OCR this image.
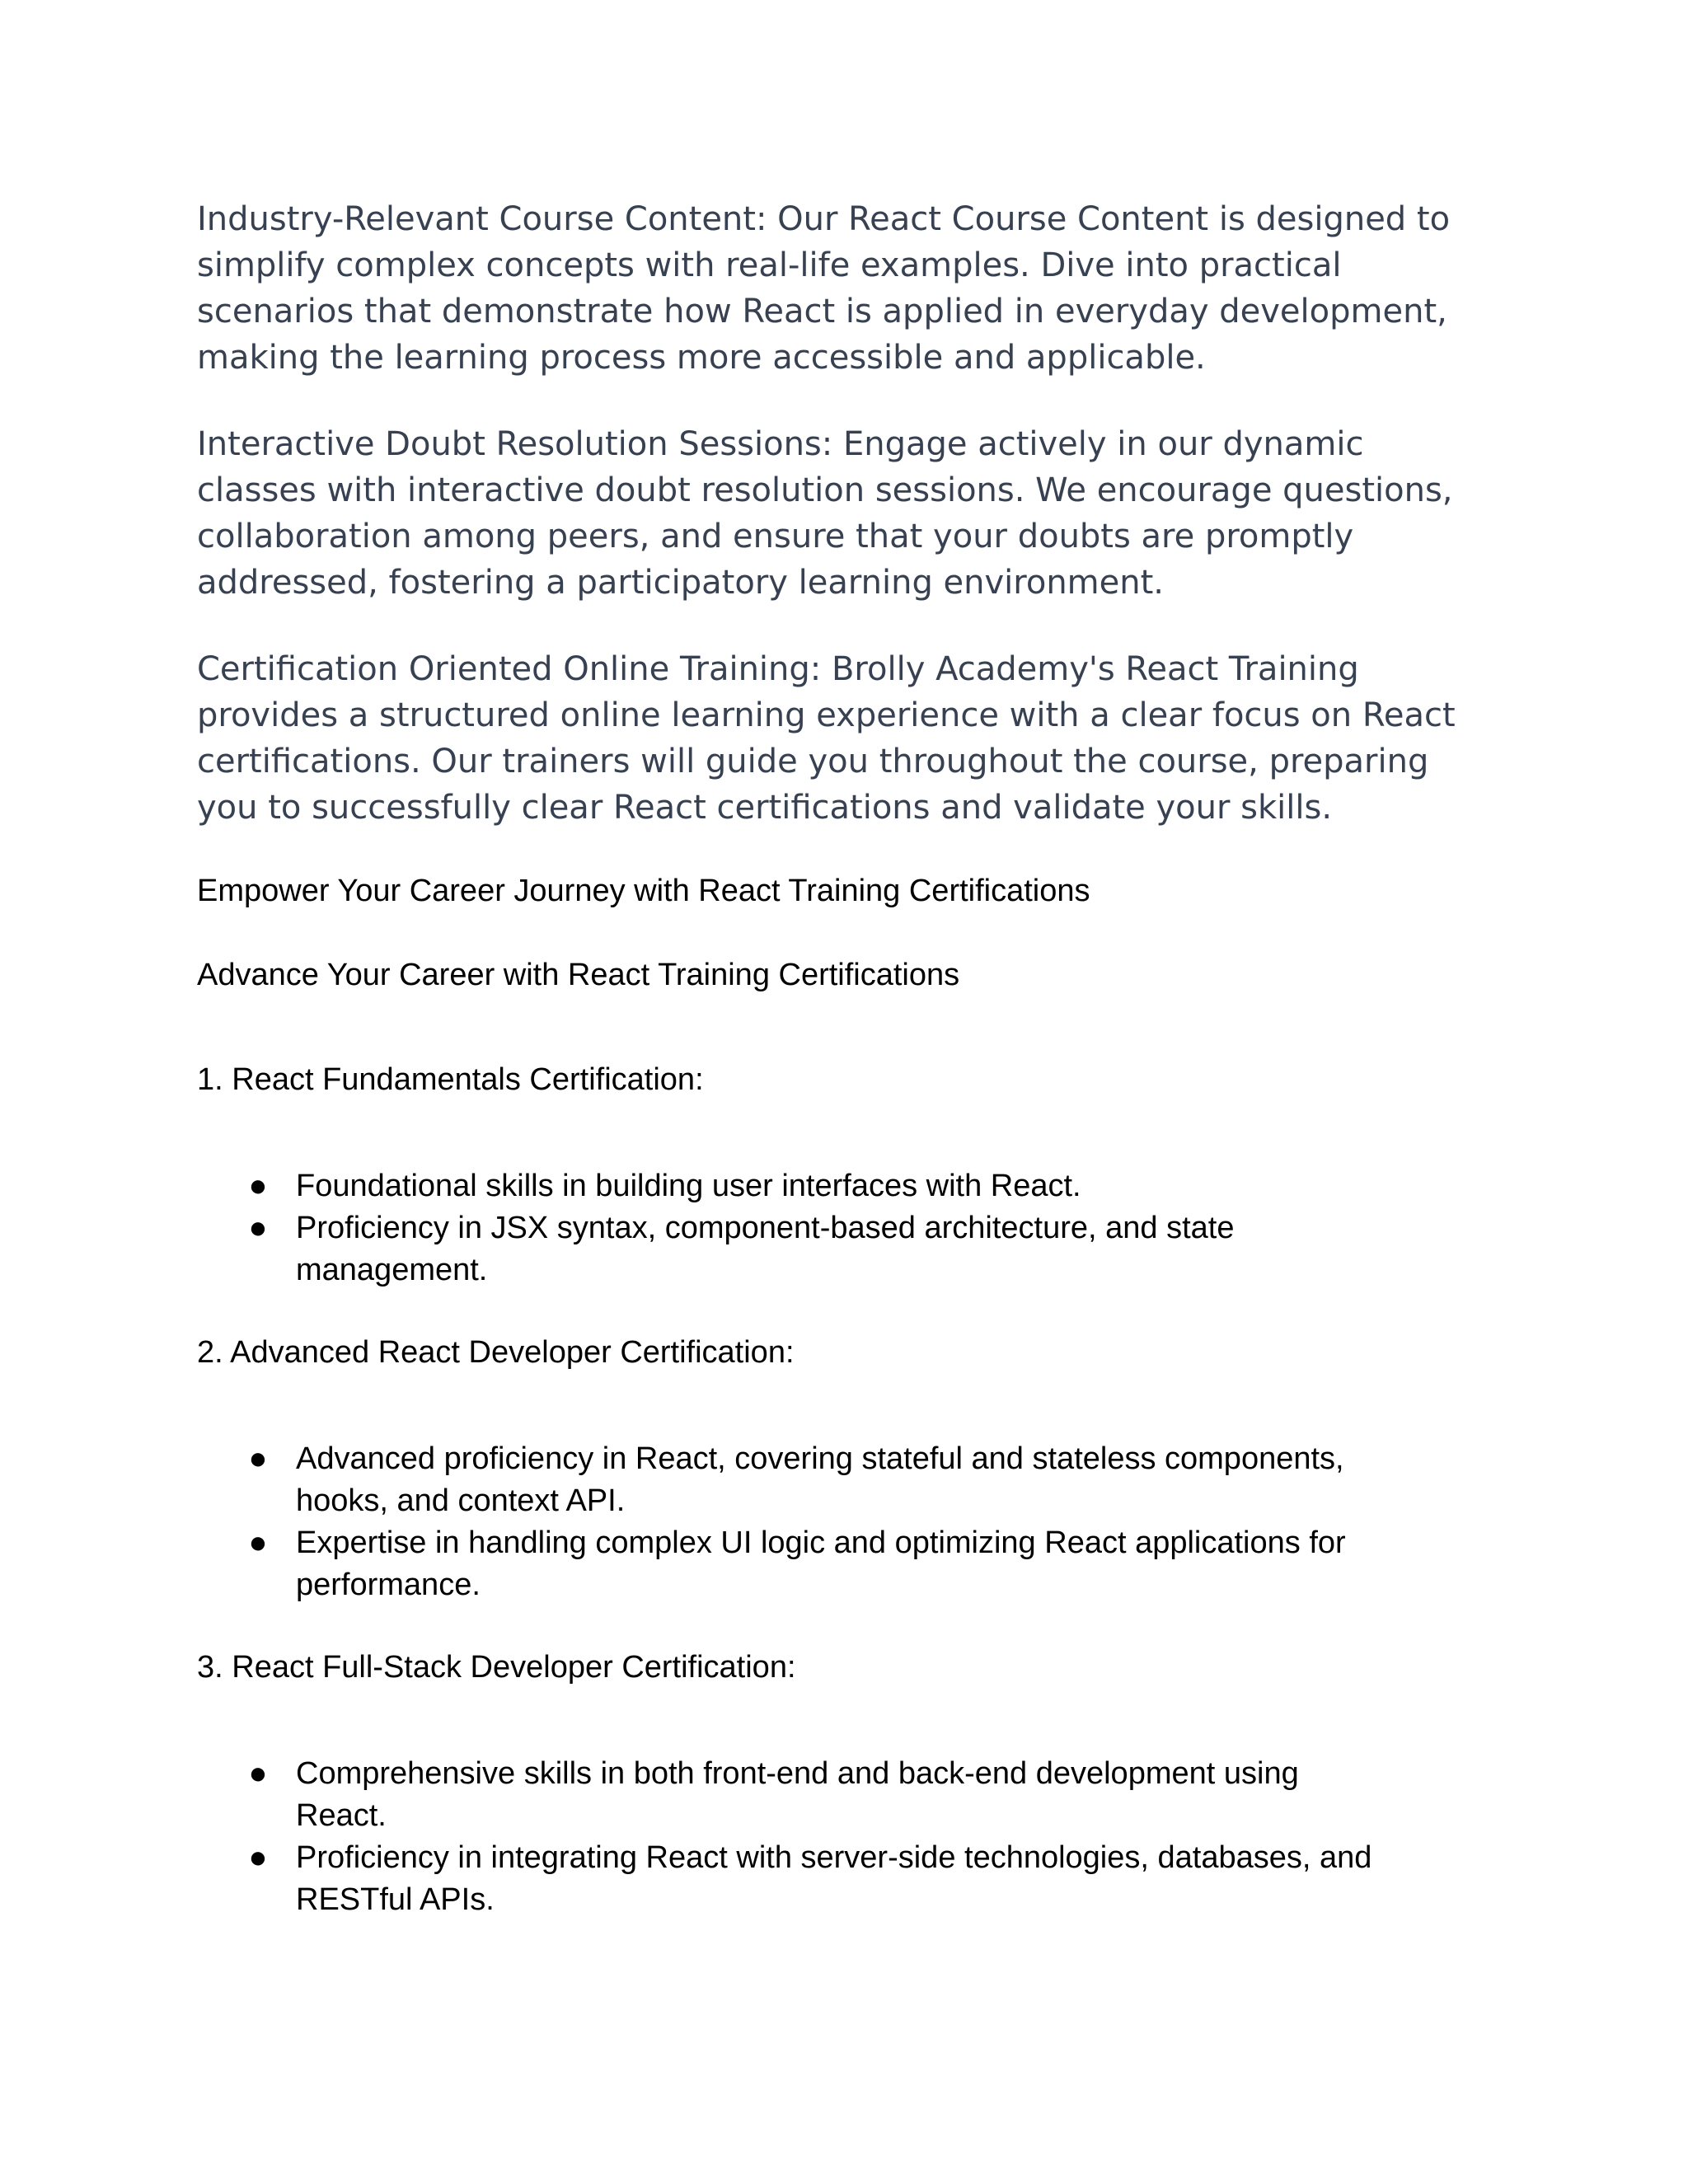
Industry-Relevant Course Content: Our React Course Content is designed to
simplify complex concepts with real-life examples. Dive into practical
scenarios that demonstrate how React is applied in everyday development,
making the learning process more accessible and applicable.
Interactive Doubt Resolution Sessions: Engage actively in our dynamic
classes with interactive doubt resolution sessions. We encourage questions,
collaboration among peers, and ensure that your doubts are promptly
addressed, fostering a participatory learning environment.
Certification Oriented Online Training: Brolly Academy's React Training
provides a structured online learning experience with a clear focus on React
certifications. Our trainers will guide you throughout the course, preparing
you to successfully clear React certifications and validate your skills.

Empower Your Career Journey with React Training Certifications

Advance Your Career with React Training Certifications

1. React Fundamentals Certification:

● Foundational skills in building user interfaces with React.
● Proficiency in JSX syntax, component-based architecture, and state
management.

2. Advanced React Developer Certification:

● Advanced proficiency in React, covering stateful and stateless components,
hooks, and context API.
● Expertise in handling complex UI logic and optimizing React applications for
performance.

3. React Full-Stack Developer Certification:

● Comprehensive skills in both front-end and back-end development using
React.
● Proficiency in integrating React with server-side technologies, databases, and
RESTful APIs.
